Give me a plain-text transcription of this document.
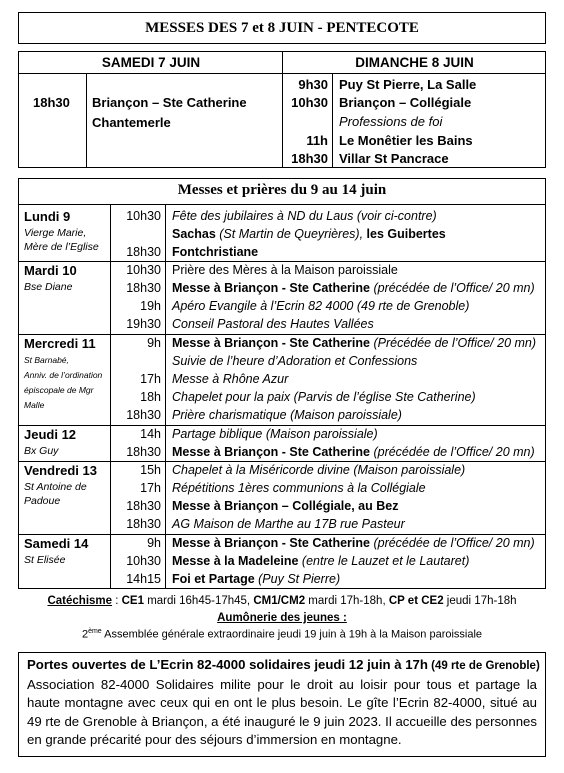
MESSES DES 7 et 8 JUIN - PENTECOTE
SAMEDI 7 JUIN	DIMANCHE 8 JUIN
18h30 Briançon – Ste Catherine
Chantemerle
9h30 Puy St Pierre, La Salle
10h30 Briançon – Collégiale
Professions de foi
11h Le Monêtier les Bains
18h30 Villar St Pancrace
Messes et prières du 9 au 14 juin
Lundi 9
Vierge Marie,
Mère de l’Eglise
10h30 Fête des jubilaires à ND du Laus (voir ci-contre)
Sachas (St Martin de Queyrières), les Guibertes
18h30 Fontchristiane
Mardi 10
Bse Diane
10h30 Prière des Mères à la Maison paroissiale
18h30 Messe à Briançon - Ste Catherine (précédée de l’Office/ 20 mn)
19h Apéro Evangile à l’Ecrin 82 4000 (49 rte de Grenoble)
19h30 Conseil Pastoral des Hautes Vallées
Mercredi 11
St Barnabé,
Anniv. de l’ordination
épiscopale de Mgr
Malle
9h Messe à Briançon - Ste Catherine (Précédée de l’Office/ 20 mn)
Suivie de l’heure d’Adoration et Confessions
17h Messe à Rhône Azur
18h Chapelet pour la paix (Parvis de l’église Ste Catherine)
18h30 Prière charismatique (Maison paroissiale)
Jeudi 12
Bx Guy
14h Partage biblique (Maison paroissiale)
18h30 Messe à Briançon - Ste Catherine (précédée de l’Office/ 20 mn)
Vendredi 13
St Antoine de
Padoue
15h Chapelet à la Miséricorde divine (Maison paroissiale)
17h Répétitions 1ères communions à la Collégiale
18h30 Messe à Briançon – Collégiale, au Bez
18h30 AG Maison de Marthe au 17B rue Pasteur
Samedi 14
St Elisée
9h Messe à Briançon - Ste Catherine (précédée de l’Office/ 20 mn)
10h30 Messe à la Madeleine (entre le Lauzet et le Lautaret)
14h15 Foi et Partage (Puy St Pierre)
Catéchisme : CE1 mardi 16h45-17h45, CM1/CM2 mardi 17h-18h, CP et CE2 jeudi 17h-18h
Aumônerie des jeunes :
2ème Assemblée générale extraordinaire jeudi 19 juin à 19h à la Maison paroissiale
Portes ouvertes de L’Ecrin 82-4000 solidaires jeudi 12 juin à 17h (49 rte de Grenoble)
Association 82-4000 Solidaires milite pour le droit au loisir pour tous et partage la haute montagne avec ceux qui en ont le plus besoin. Le gîte l’Ecrin 82-4000, situé au 49 rte de Grenoble à Briançon, a été inauguré le 9 juin 2023. Il accueille des personnes en grande précarité pour des séjours d’immersion en montagne.
